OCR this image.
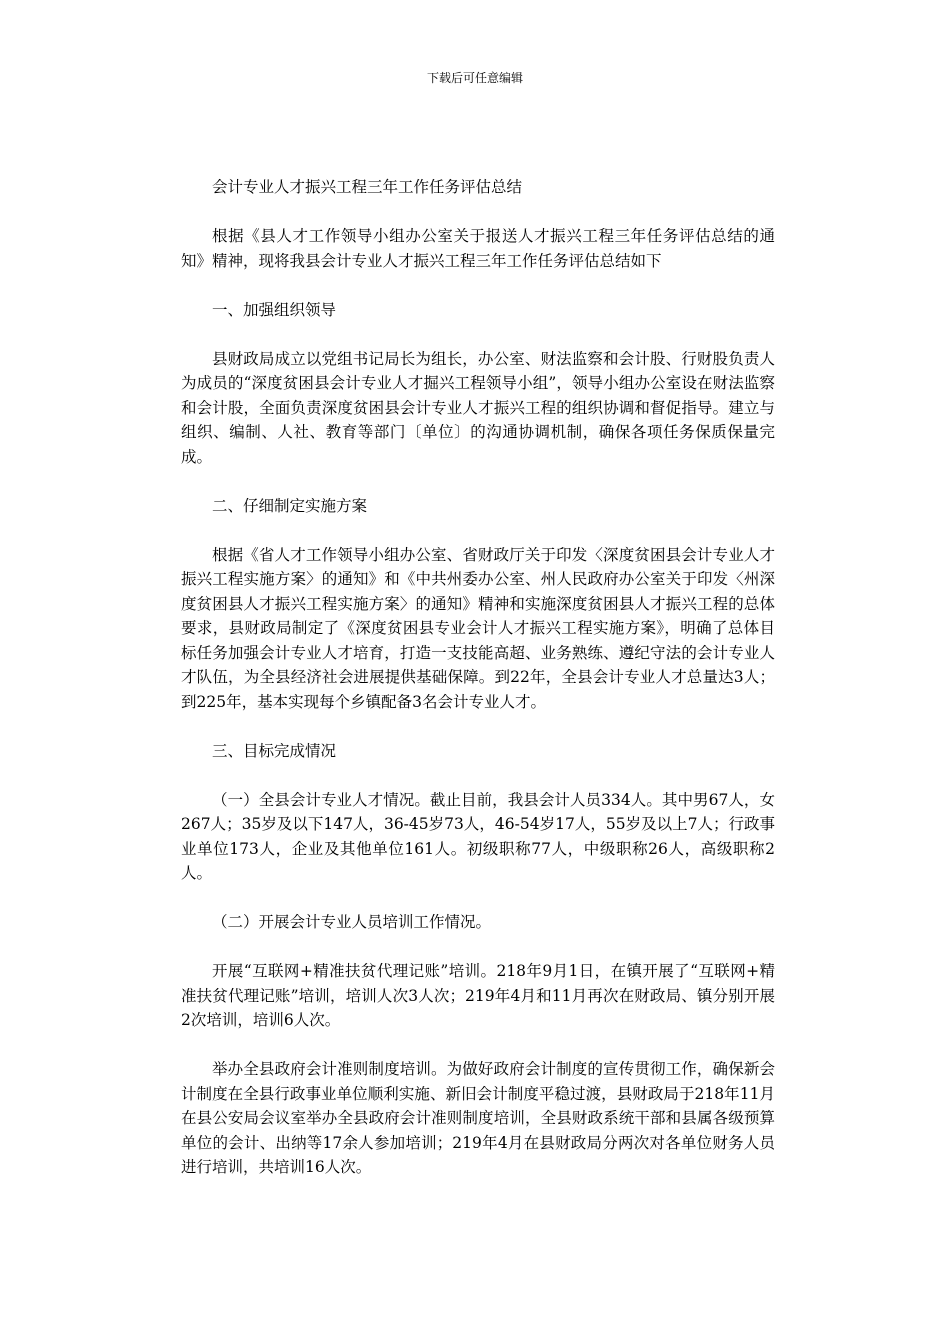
下载后可任意编辑

会计专业人才振兴工程三年工作任务评估总结

根据《县人才工作领导小组办公室关于报送人才振兴工程三年任务评估总结的通知》精神，现将我县会计专业人才振兴工程三年工作任务评估总结如下

一、加强组织领导

县财政局成立以党组书记局长为组长，办公室、财法监察和会计股、行财股负责人为成员的“深度贫困县会计专业人才掘兴工程领导小组”，领导小组办公室设在财法监察和会计股，全面负责深度贫困县会计专业人才振兴工程的组织协调和督促指导。建立与组织、编制、人社、教育等部门〔单位〕的沟通协调机制，确保各项任务保质保量完成。

二、仔细制定实施方案

根据《省人才工作领导小组办公室、省财政厅关于印发〈深度贫困县会计专业人才振兴工程实施方案〉的通知》和《中共州委办公室、州人民政府办公室关于印发〈州深度贫困县人才振兴工程实施方案〉的通知》精神和实施深度贫困县人才振兴工程的总体要求，县财政局制定了《深度贫困县专业会计人才振兴工程实施方案》，明确了总体目标任务加强会计专业人才培育，打造一支技能高超、业务熟练、遵纪守法的会计专业人才队伍，为全县经济社会进展提供基础保障。到22年，全县会计专业人才总量达3人；到225年，基本实现每个乡镇配备3名会计专业人才。

三、目标完成情况

（一）全县会计专业人才情况。截止目前，我县会计人员334人。其中男67人，女267人；35岁及以下147人，36-45岁73人，46-54岁17人，55岁及以上7人；行政事业单位173人，企业及其他单位161人。初级职称77人，中级职称26人，高级职称2人。

（二）开展会计专业人员培训工作情况。

开展“互联网+精准扶贫代理记账”培训。218年9月1日，在镇开展了“互联网+精准扶贫代理记账”培训，培训人次3人次；219年4月和11月再次在财政局、镇分别开展2次培训，培训6人次。

举办全县政府会计准则制度培训。为做好政府会计制度的宣传贯彻工作，确保新会计制度在全县行政事业单位顺利实施、新旧会计制度平稳过渡，县财政局于218年11月在县公安局会议室举办全县政府会计准则制度培训，全县财政系统干部和县属各级预算单位的会计、出纳等17余人参加培训；219年4月在县财政局分两次对各单位财务人员进行培训，共培训16人次。
